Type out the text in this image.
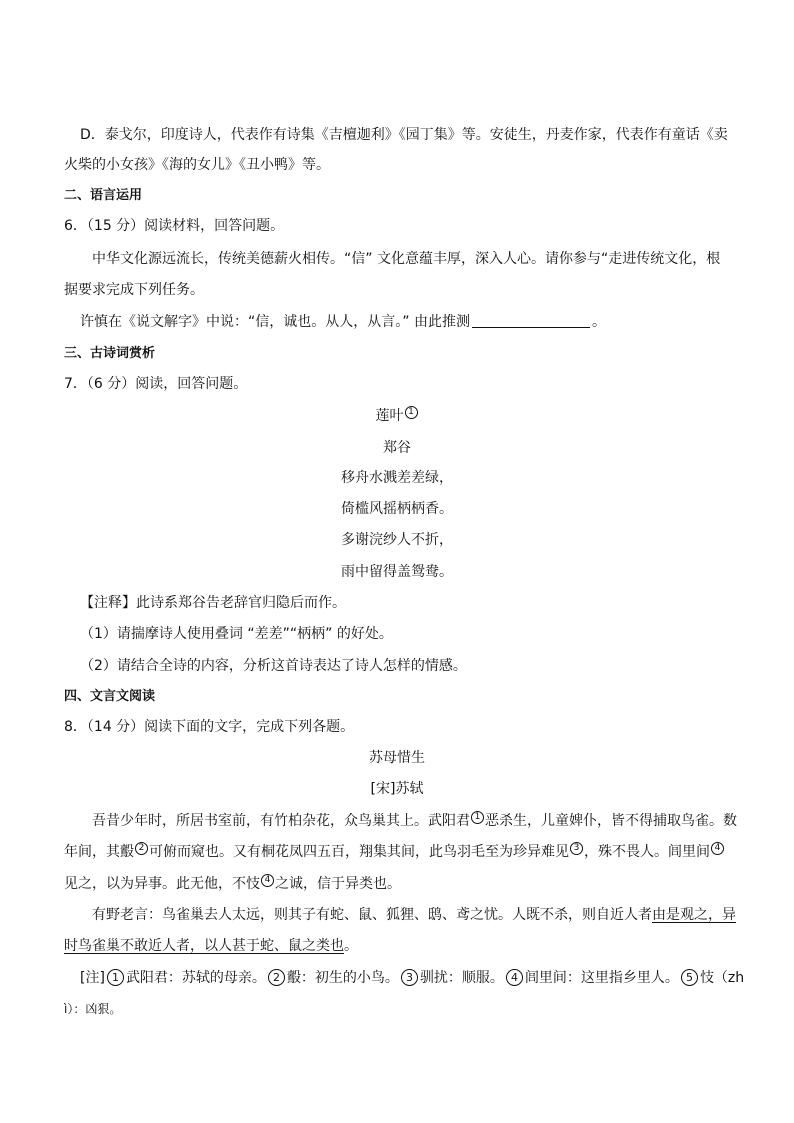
D．泰戈尔，印度诗人，代表作有诗集《吉檀迦利》《园丁集》等。安徒生，丹麦作家，代表作有童话《卖
火柴的小女孩》《海的女儿》《丑小鸭》等。
二、语言运用
6．（15 分）阅读材料，回答问题。
中华文化源远流长，传统美德薪火相传。“信” 文化意蕴丰厚，深入人心。请你参与“走进传统文化，根
据要求完成下列任务。
许慎在《说文解字》中说：“信，诚也。从人，从言。” 由此推测	。
三、古诗词赏析
7．（6 分）阅读，回答问题。
莲叶 1
郑谷
移舟水溅差差绿，
倚槛风摇柄柄香。
多谢浣纱人不折，
雨中留得盖鸳鸯。
【注释】此诗系郑谷告老辞官归隐后而作。
（1）请揣摩诗人使用叠词 “差差”“柄柄” 的好处。
（2）请结合全诗的内容，分析这首诗表达了诗人怎样的情感。
四、文言文阅读
8．（14 分）阅读下面的文字，完成下列各题。
苏母惜生
[宋]苏轼
吾昔少年时，所居书室前，有竹柏杂花，众鸟巢其上。武阳君 1 恶杀生，儿童婢仆，皆不得捕取鸟雀。数
年间，其鷇 2 可俯而窥也。又有桐花凤四五百，翔集其间，此鸟羽毛至为珍异难见 3 ，殊不畏人。闾里间 4
见之，以为异事。此无他，不忮 4 之诚，信于异类也。
有野老言：鸟雀巢去人太远，则其子有蛇、鼠、狐狸、鸱、鸢之忧。人既不杀，则自近人者由是观之，异
时鸟雀巢不敢近人者，以人甚于蛇、鼠之类也。
[注] 1 武阳君：苏轼的母亲。 2 鷇：初生的小鸟。 3 驯扰：顺服。 4 闾里间：这里指乡里人。 5 忮（zh
ì）：凶狠。
